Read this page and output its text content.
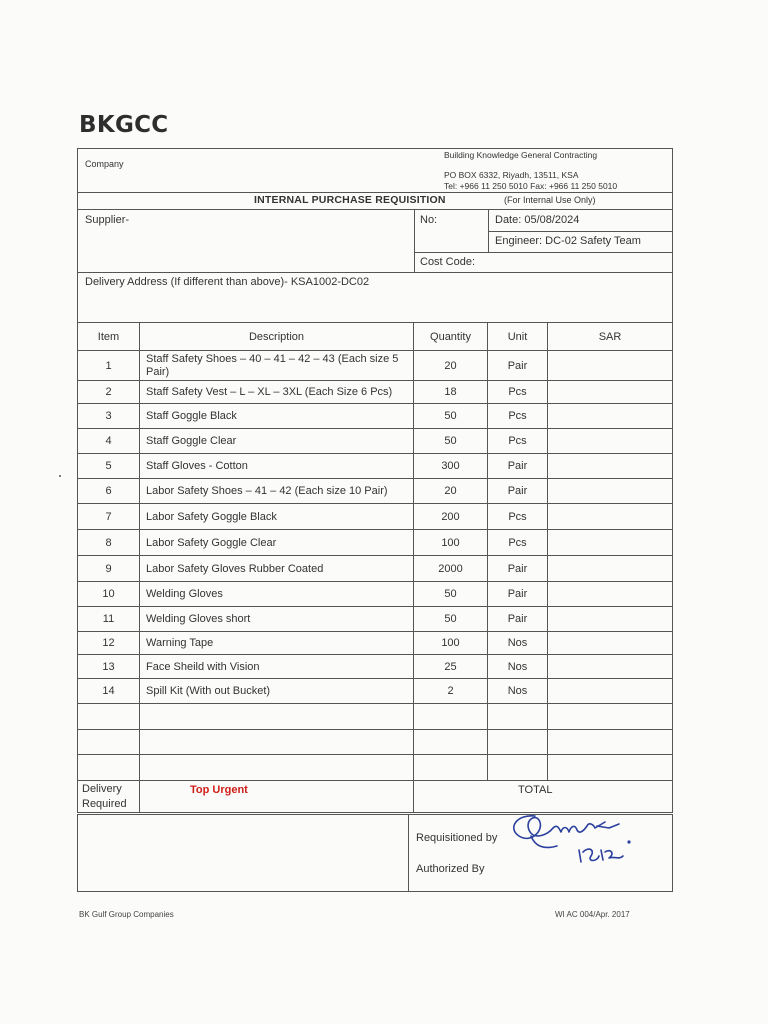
BKGCC
Company
Building Knowledge General Contracting
PO BOX 6332, Riyadh, 13511, KSA
Tel: +966 11 250 5010 Fax: +966 11 250 5010
INTERNAL PURCHASE REQUISITION	(For Internal Use Only)
Supplier-	No:	Date: 05/08/2024
Engineer: DC-02 Safety Team
Cost Code:
Delivery Address (If different than above)- KSA1002-DC02
Item	Description	Quantity	Unit	SAR
1	Staff Safety Shoes – 40 – 41 – 42 – 43 (Each size 5 Pair)	20	Pair	
2	Staff Safety Vest – L – XL – 3XL (Each Size 6 Pcs)	18	Pcs	
3	Staff Goggle Black	50	Pcs	
4	Staff Goggle Clear	50	Pcs	
5	Staff Gloves - Cotton	300	Pair	
6	Labor Safety Shoes – 41 – 42 (Each size 10 Pair)	20	Pair	
7	Labor Safety Goggle Black	200	Pcs	
8	Labor Safety Goggle Clear	100	Pcs	
9	Labor Safety Gloves Rubber Coated	2000	Pair	
10	Welding Gloves	50	Pair	
11	Welding Gloves short	50	Pair	
12	Warning Tape	100	Nos	
13	Face Sheild with Vision	25	Nos	
14	Spill Kit (With out Bucket)	2	Nos	

Delivery Required	Top Urgent	TOTAL		
Requisitioned by
Authorized By
BK Gulf Group Companies	WI AC 004/Apr. 2017
